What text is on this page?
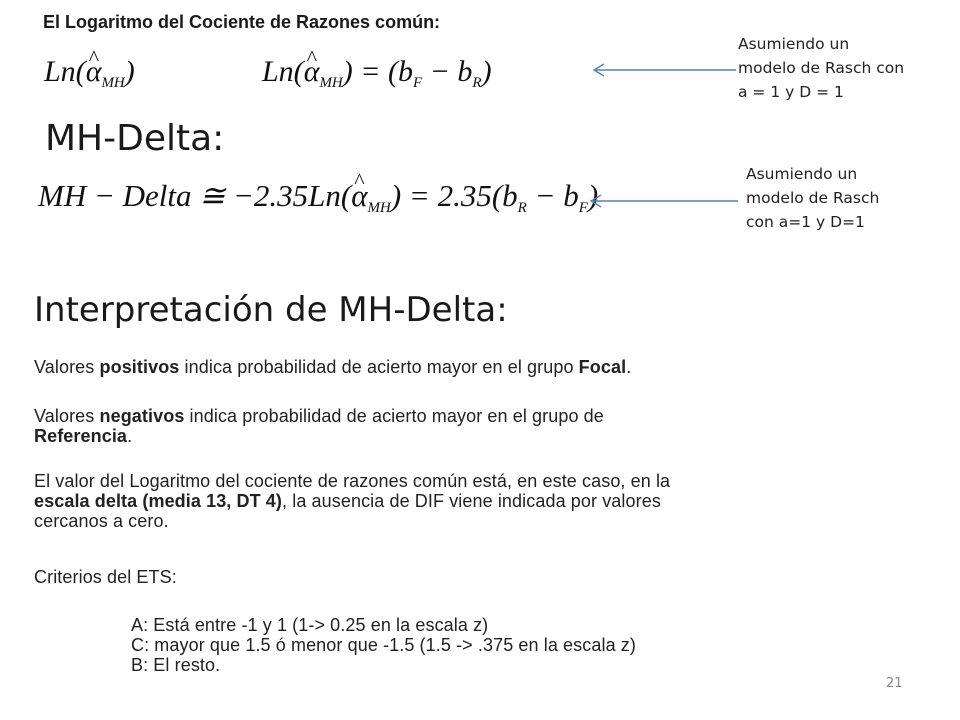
El Logaritmo del Cociente de Razones común:
Ln(^ $\alpha_{MH}$)	Ln(^ $\alpha_{MH}) = (b_F - b_R)$
Asumiendo un
modelo de Rasch con
a = 1 y D = 1
MH-Delta:
MH − Delta ≅ −2.35Ln(^ $\alpha_{MH}) = 2.35(b_R - b_F)$
Asumiendo un
modelo de Rasch
con a=1 y D=1
Interpretación de MH-Delta:
Valores positivos indica probabilidad de acierto mayor en el grupo Focal.
Valores negativos indica probabilidad de acierto mayor en el grupo de
Referencia.
El valor del Logaritmo del cociente de razones común está, en este caso, en la
escala delta (media 13, DT 4), la ausencia de DIF viene indicada por valores
cercanos a cero.
Criterios del ETS:
A: Está entre -1 y 1 (1-> 0.25 en la escala z)
C: mayor que 1.5 ó menor que -1.5 (1.5 -> .375 en la escala z)
B: El resto.
21
